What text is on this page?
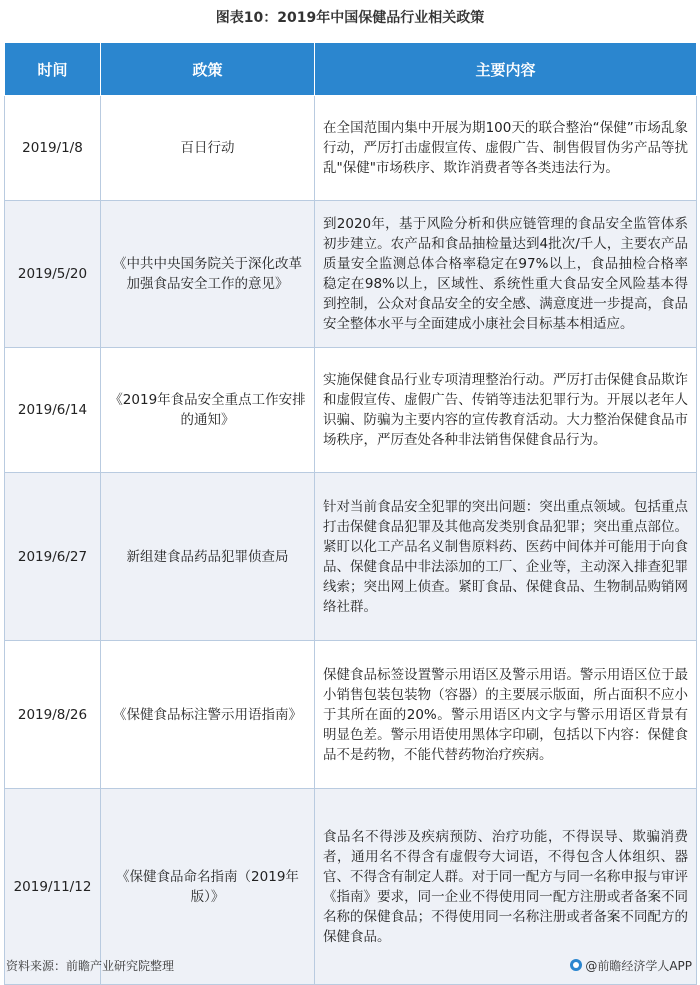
图表10：2019年中国保健品行业相关政策
时间	政策	主要内容
2019/1/8	百日行动	在全国范围内集中开展为期100天的联合整治“保健”市场乱象行动，严厉打击虚假宣传、虚假广告、制售假冒伪劣产品等扰乱"保健"市场秩序、欺诈消费者等各类违法行为。
2019/5/20	《中共中央国务院关于深化改革加强食品安全工作的意见》	到2020年，基于风险分析和供应链管理的食品安全监管体系初步建立。农产品和食品抽检量达到4批次/千人，主要农产品质量安全监测总体合格率稳定在97%以上，食品抽检合格率稳定在98%以上，区域性、系统性重大食品安全风险基本得到控制，公众对食品安全的安全感、满意度进一步提高，食品安全整体水平与全面建成小康社会目标基本相适应。
2019/6/14	《2019年食品安全重点工作安排的通知》	实施保健食品行业专项清理整治行动。严厉打击保健食品欺诈和虚假宣传、虚假广告、传销等违法犯罪行为。开展以老年人识骗、防骗为主要内容的宣传教育活动。大力整治保健食品市场秩序，严厉查处各种非法销售保健食品行为。
2019/6/27	新组建食品药品犯罪侦查局	针对当前食品安全犯罪的突出问题：突出重点领域。包括重点打击保健食品犯罪及其他高发类别食品犯罪；突出重点部位。紧盯以化工产品名义制售原料药、医药中间体并可能用于向食品、保健食品中非法添加的工厂、企业等，主动深入排查犯罪线索；突出网上侦查。紧盯食品、保健食品、生物制品购销网络社群。
2019/8/26	《保健食品标注警示用语指南》	保健食品标签设置警示用语区及警示用语。警示用语区位于最小销售包装包装物（容器）的主要展示版面，所占面积不应小于其所在面的20%。警示用语区内文字与警示用语区背景有明显色差。警示用语使用黑体字印刷，包括以下内容：保健食品不是药物，不能代替药物治疗疾病。
2019/11/12	《保健食品命名指南（2019年版）》	食品名不得涉及疾病预防、治疗功能，不得误导、欺骗消费者，通用名不得含有虚假夸大词语，不得包含人体组织、器官、不得含有制定人群。对于同一配方与同一名称申报与审评《指南》要求，同一企业不得使用同一配方注册或者备案不同名称的保健食品；不得使用同一名称注册或者备案不同配方的保健食品。
资料来源：前瞻产业研究院整理	@前瞻经济学人APP
